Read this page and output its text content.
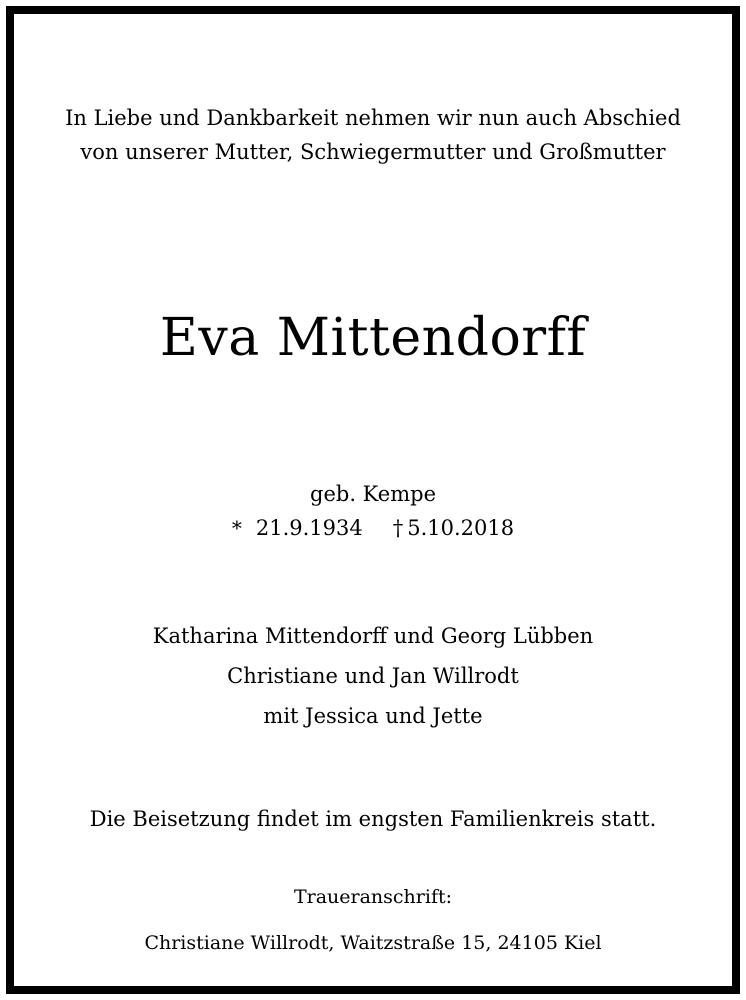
In Liebe und Dankbarkeit nehmen wir nun auch Abschied
von unserer Mutter, Schwiegermutter und Großmutter
Eva Mittendorff
geb. Kempe
* 21.9.1934 † 5.10.2018
Katharina Mittendorff und Georg Lübben
Christiane und Jan Willrodt
mit Jessica und Jette
Die Beisetzung findet im engsten Familienkreis statt.
Traueranschrift:
Christiane Willrodt, Waitzstraße 15, 24105 Kiel
